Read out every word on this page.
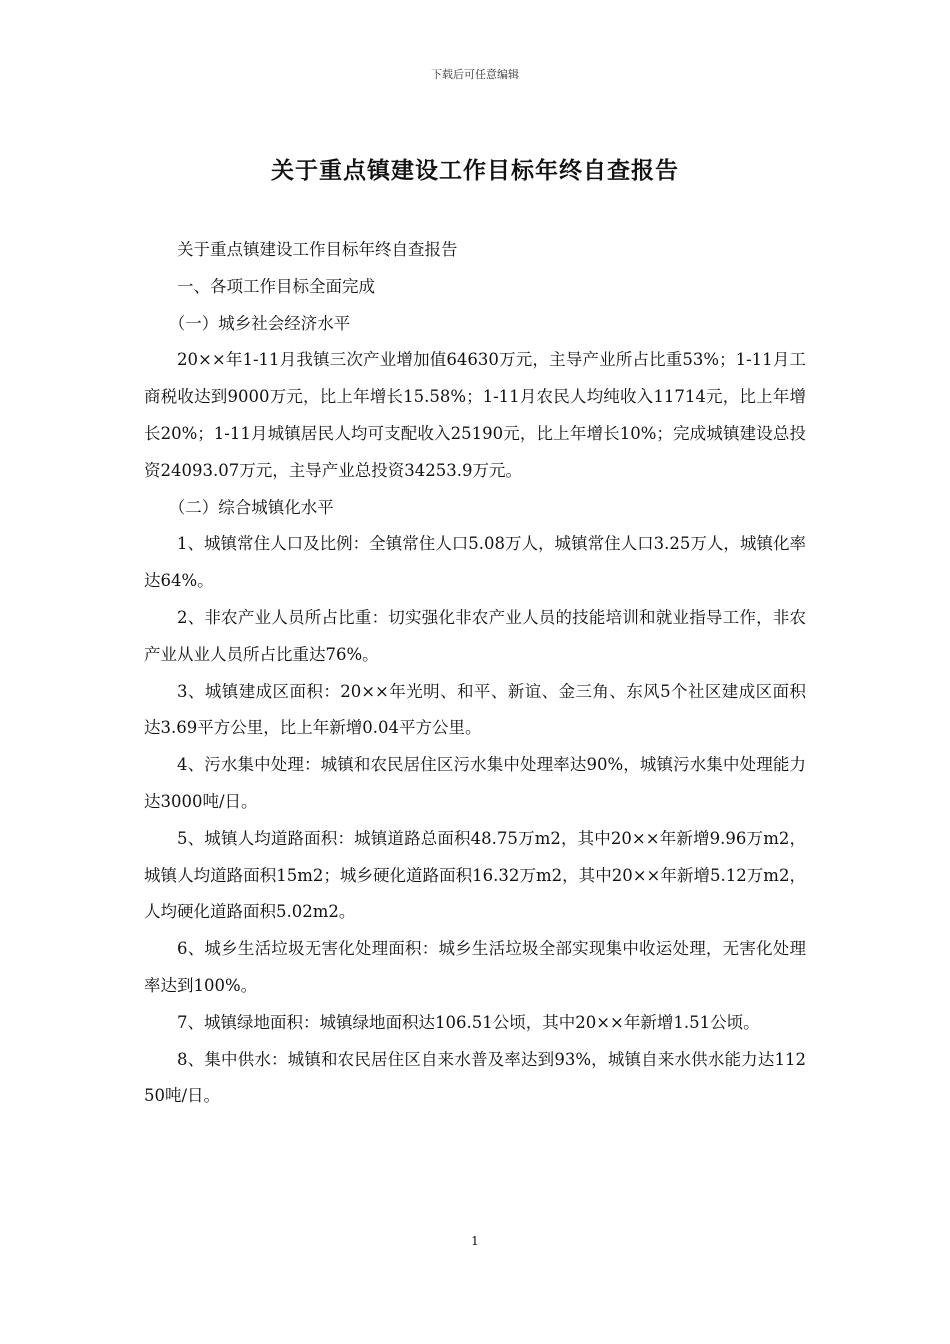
下载后可任意编辑
关于重点镇建设工作目标年终自查报告

关于重点镇建设工作目标年终自查报告

一、各项工作目标全面完成

（一）城乡社会经济水平

20××年1-11月我镇三次产业增加值64630万元，主导产业所占比重53%；1-11月工商税收达到9000万元，比上年增长15.58%；1-11月农民人均纯收入11714元，比上年增长20%；1-11月城镇居民人均可支配收入25190元，比上年增长10%；完成城镇建设总投资24093.07万元，主导产业总投资34253.9万元。

（二）综合城镇化水平

1、城镇常住人口及比例：全镇常住人口5.08万人，城镇常住人口3.25万人，城镇化率达64%。

2、非农产业人员所占比重：切实强化非农产业人员的技能培训和就业指导工作，非农产业从业人员所占比重达76%。

3、城镇建成区面积：20××年光明、和平、新谊、金三角、东风5个社区建成区面积达3.69平方公里，比上年新增0.04平方公里。

4、污水集中处理：城镇和农民居住区污水集中处理率达90%，城镇污水集中处理能力达3000吨/日。

5、城镇人均道路面积：城镇道路总面积48.75万m2，其中20××年新增9.96万m2，城镇人均道路面积15m2；城乡硬化道路面积16.32万m2，其中20××年新增5.12万m2，人均硬化道路面积5.02m2。

6、城乡生活垃圾无害化处理面积：城乡生活垃圾全部实现集中收运处理，无害化处理率达到100%。

7、城镇绿地面积：城镇绿地面积达106.51公顷，其中20××年新增1.51公顷。

8、集中供水：城镇和农民居住区自来水普及率达到93%，城镇自来水供水能力达11250吨/日。

1
